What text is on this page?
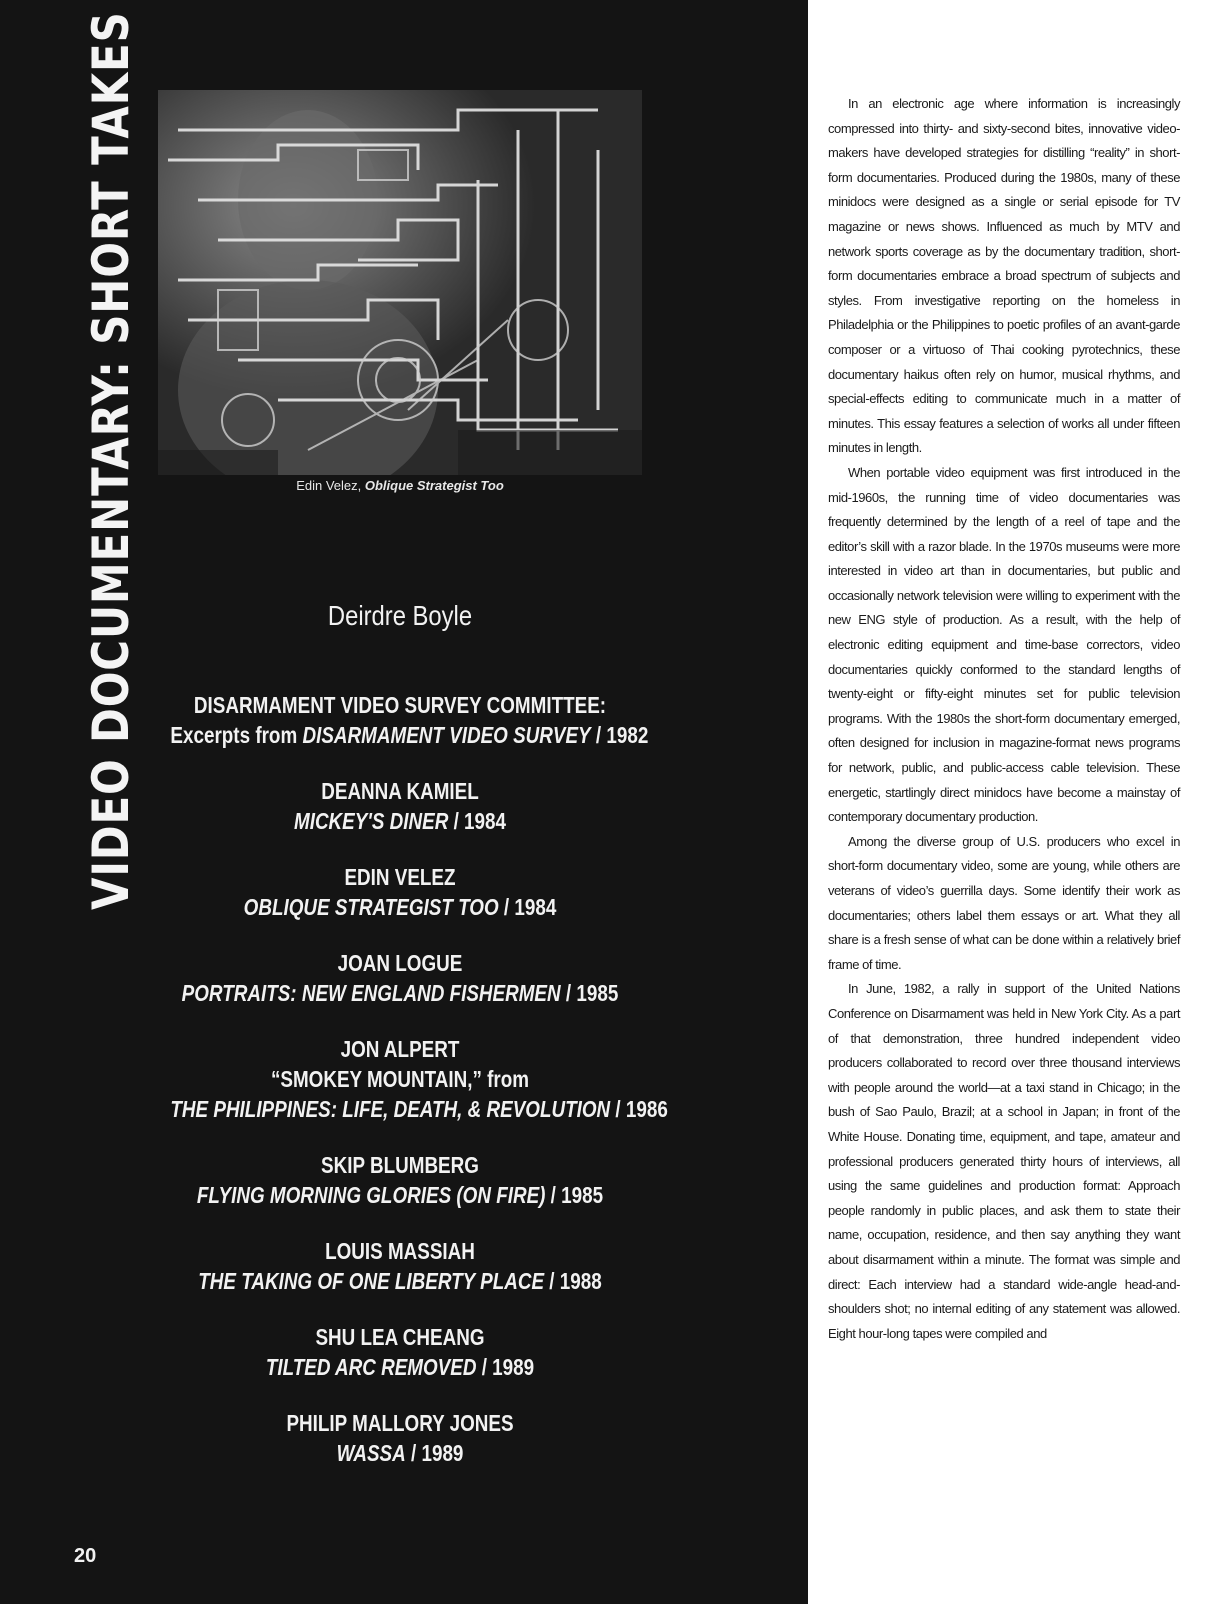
VIDEO DOCUMENTARY: SHORT TAKES	Edin Velez, Oblique Strategist Too
Deirdre Boyle
DISARMAMENT VIDEO SURVEY COMMITTEE:
Excerpts from DISARMAMENT VIDEO SURVEY / 1982
DEANNA KAMIEL
MICKEY'S DINER / 1984
EDIN VELEZ
OBLIQUE STRATEGIST TOO / 1984
JOAN LOGUE
PORTRAITS: NEW ENGLAND FISHERMEN / 1985
JON ALPERT
“SMOKEY MOUNTAIN,” from
THE PHILIPPINES: LIFE, DEATH, & REVOLUTION / 1986
SKIP BLUMBERG
FLYING MORNING GLORIES (ON FIRE) / 1985
LOUIS MASSIAH
THE TAKING OF ONE LIBERTY PLACE / 1988
SHU LEA CHEANG
TILTED ARC REMOVED / 1989
PHILIP MALLORY JONES
WASSA / 1989
20

In an electronic age where information is increasingly compressed into thirty- and sixty-second bites, innovative video-makers have developed strategies for distilling “reality” in short-form documentaries. Produced during the 1980s, many of these minidocs were designed as a single or serial episode for TV magazine or news shows. Influenced as much by MTV and network sports coverage as by the documentary tradition, short-form documentaries embrace a broad spectrum of subjects and styles. From investigative reporting on the homeless in Philadelphia or the Philippines to poetic profiles of an avant-garde composer or a virtuoso of Thai cooking pyrotechnics, these documentary haikus often rely on humor, musical rhythms, and special-effects editing to communicate much in a matter of minutes. This essay features a selection of works all under fifteen minutes in length.

When portable video equipment was first introduced in the mid-1960s, the running time of video documentaries was frequently determined by the length of a reel of tape and the editor’s skill with a razor blade. In the 1970s museums were more interested in video art than in documentaries, but public and occasionally network television were willing to experiment with the new ENG style of production. As a result, with the help of electronic editing equipment and time-base correctors, video documentaries quickly conformed to the standard lengths of twenty-eight or fifty-eight minutes set for public television programs. With the 1980s the short-form documentary emerged, often designed for inclusion in magazine-format news programs for network, public, and public-access cable television. These energetic, startlingly direct minidocs have become a mainstay of contemporary documentary production.

Among the diverse group of U.S. producers who excel in short-form documentary video, some are young, while others are veterans of video’s guerrilla days. Some identify their work as documentaries; others label them essays or art. What they all share is a fresh sense of what can be done within a relatively brief frame of time.

In June, 1982, a rally in support of the United Nations Conference on Disarmament was held in New York City. As a part of that demonstration, three hundred independent video producers collaborated to record over three thousand interviews with people around the world—at a taxi stand in Chicago; in the bush of Sao Paulo, Brazil; at a school in Japan; in front of the White House. Donating time, equipment, and tape, amateur and professional producers generated thirty hours of interviews, all using the same guidelines and production format: Approach people randomly in public places, and ask them to state their name, occupation, residence, and then say anything they want about disarmament within a minute. The format was simple and direct: Each interview had a standard wide-angle head-and-shoulders shot; no internal editing of any statement was allowed. Eight hour-long tapes were compiled and
